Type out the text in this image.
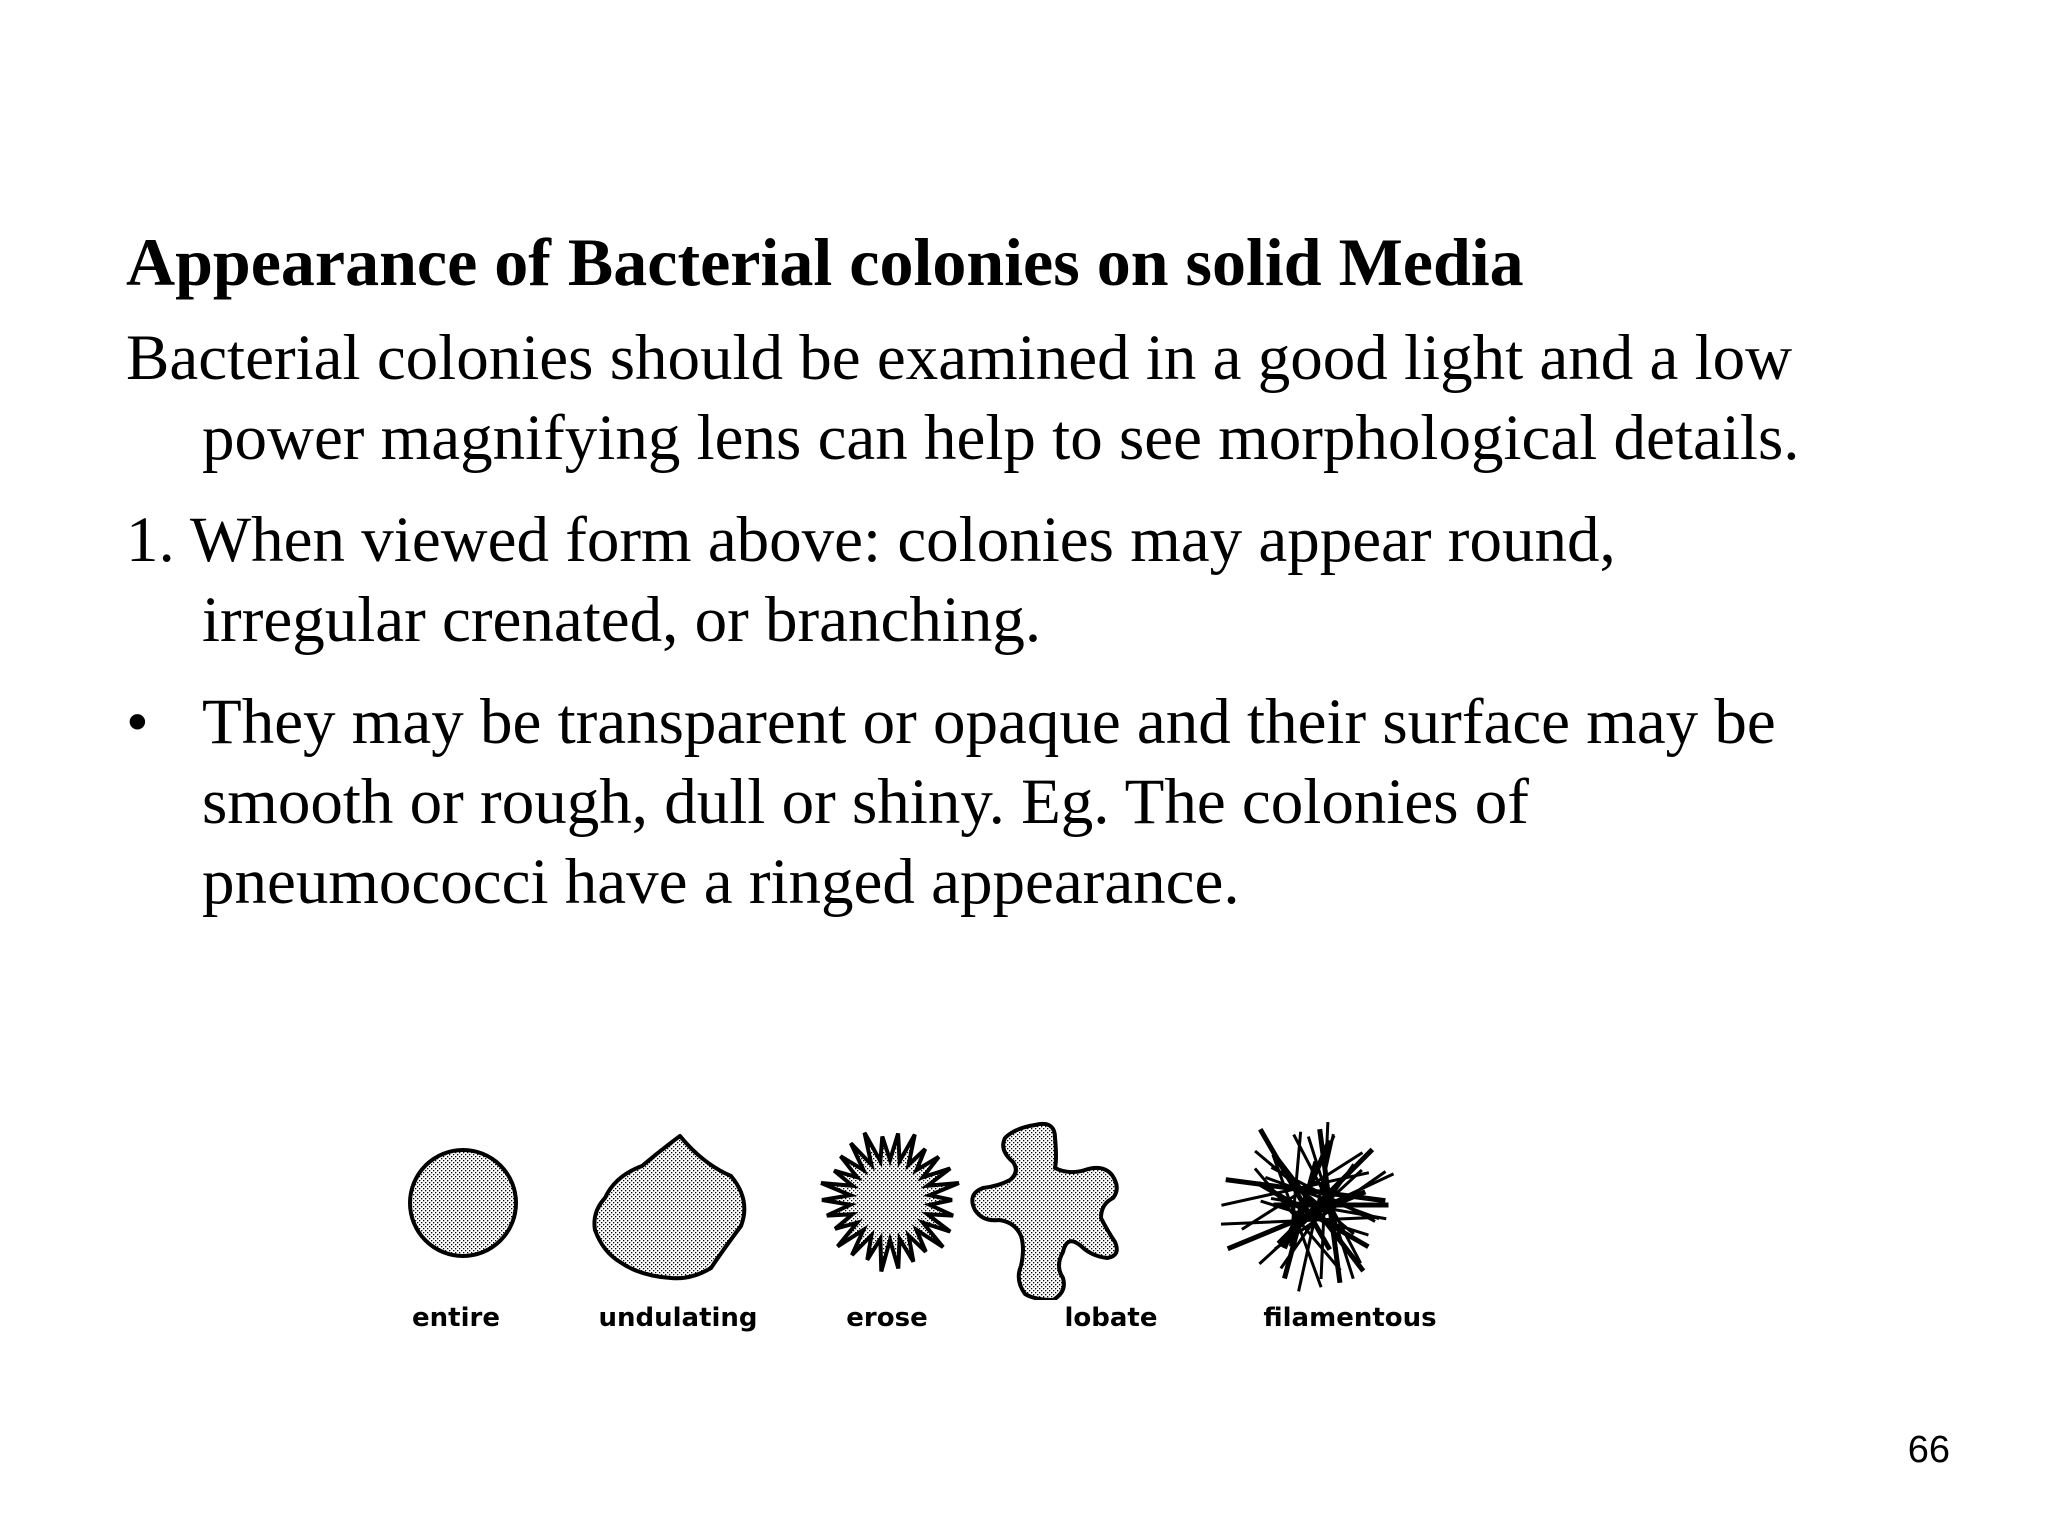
Appearance of Bacterial colonies on solid Media

Bacterial colonies should be examined in a good light and a low
power magnifying lens can help to see morphological details.

1. When viewed form above: colonies may appear round,
irregular crenated, or branching.

• They may be transparent or opaque and their surface may be
smooth or rough, dull or shiny. Eg. The colonies of
pneumococci have a ringed appearance.

entire	undulating	erose	lobate	filamentous
66
